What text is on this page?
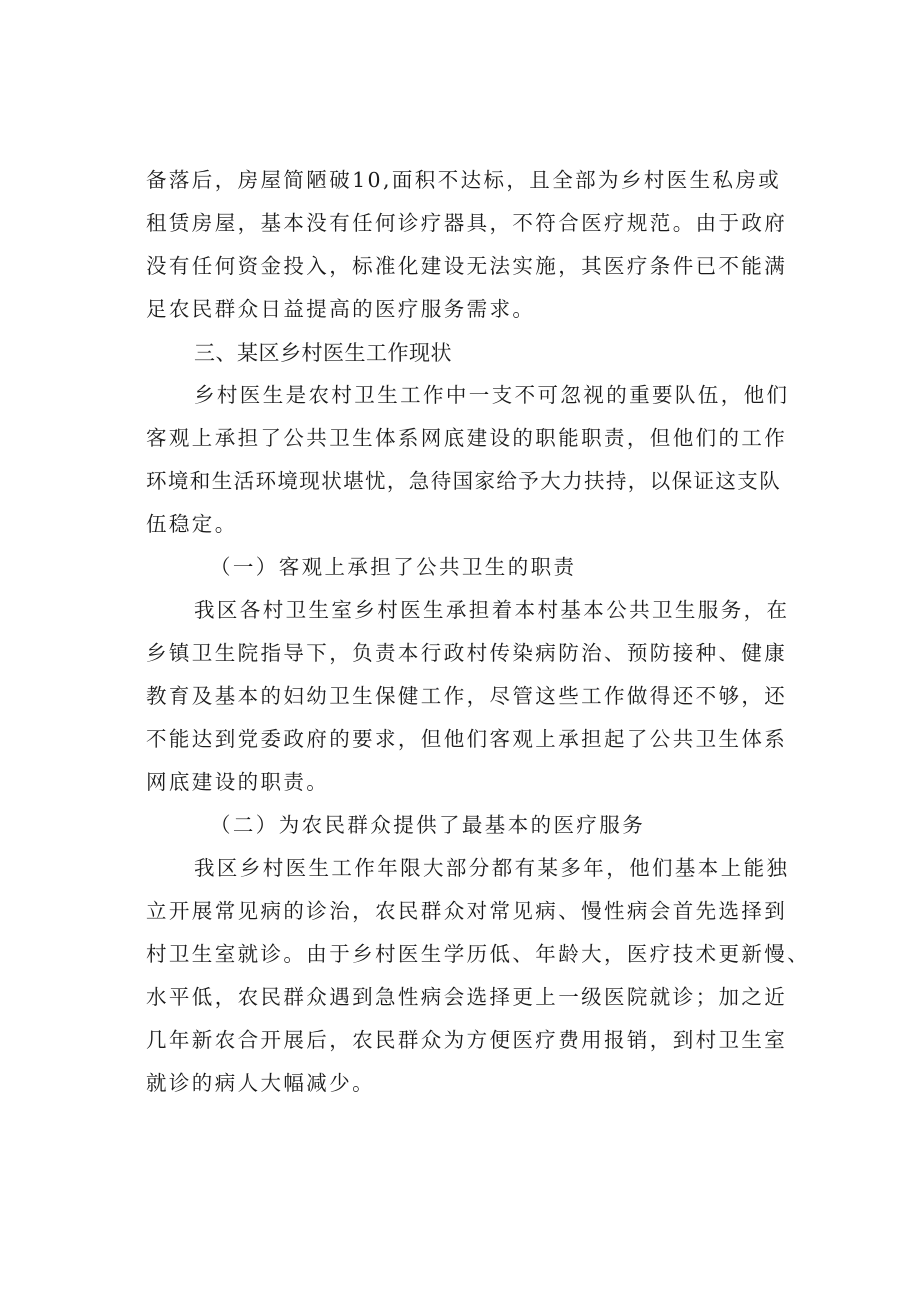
备落后，房屋简陋破10,面积不达标，且全部为乡村医生私房或
租赁房屋，基本没有任何诊疗器具，不符合医疗规范。由于政府
没有任何资金投入，标准化建设无法实施，其医疗条件已不能满
足农民群众日益提高的医疗服务需求。
三、某区乡村医生工作现状
乡村医生是农村卫生工作中一支不可忽视的重要队伍，他们
客观上承担了公共卫生体系网底建设的职能职责，但他们的工作
环境和生活环境现状堪忧，急待国家给予大力扶持，以保证这支队
伍稳定。
（一）客观上承担了公共卫生的职责
我区各村卫生室乡村医生承担着本村基本公共卫生服务，在
乡镇卫生院指导下，负责本行政村传染病防治、预防接种、健康
教育及基本的妇幼卫生保健工作，尽管这些工作做得还不够，还
不能达到党委政府的要求，但他们客观上承担起了公共卫生体系
网底建设的职责。
（二）为农民群众提供了最基本的医疗服务
我区乡村医生工作年限大部分都有某多年，他们基本上能独
立开展常见病的诊治，农民群众对常见病、慢性病会首先选择到
村卫生室就诊。由于乡村医生学历低、年龄大，医疗技术更新慢、
水平低，农民群众遇到急性病会选择更上一级医院就诊；加之近
几年新农合开展后，农民群众为方便医疗费用报销，到村卫生室
就诊的病人大幅减少。
